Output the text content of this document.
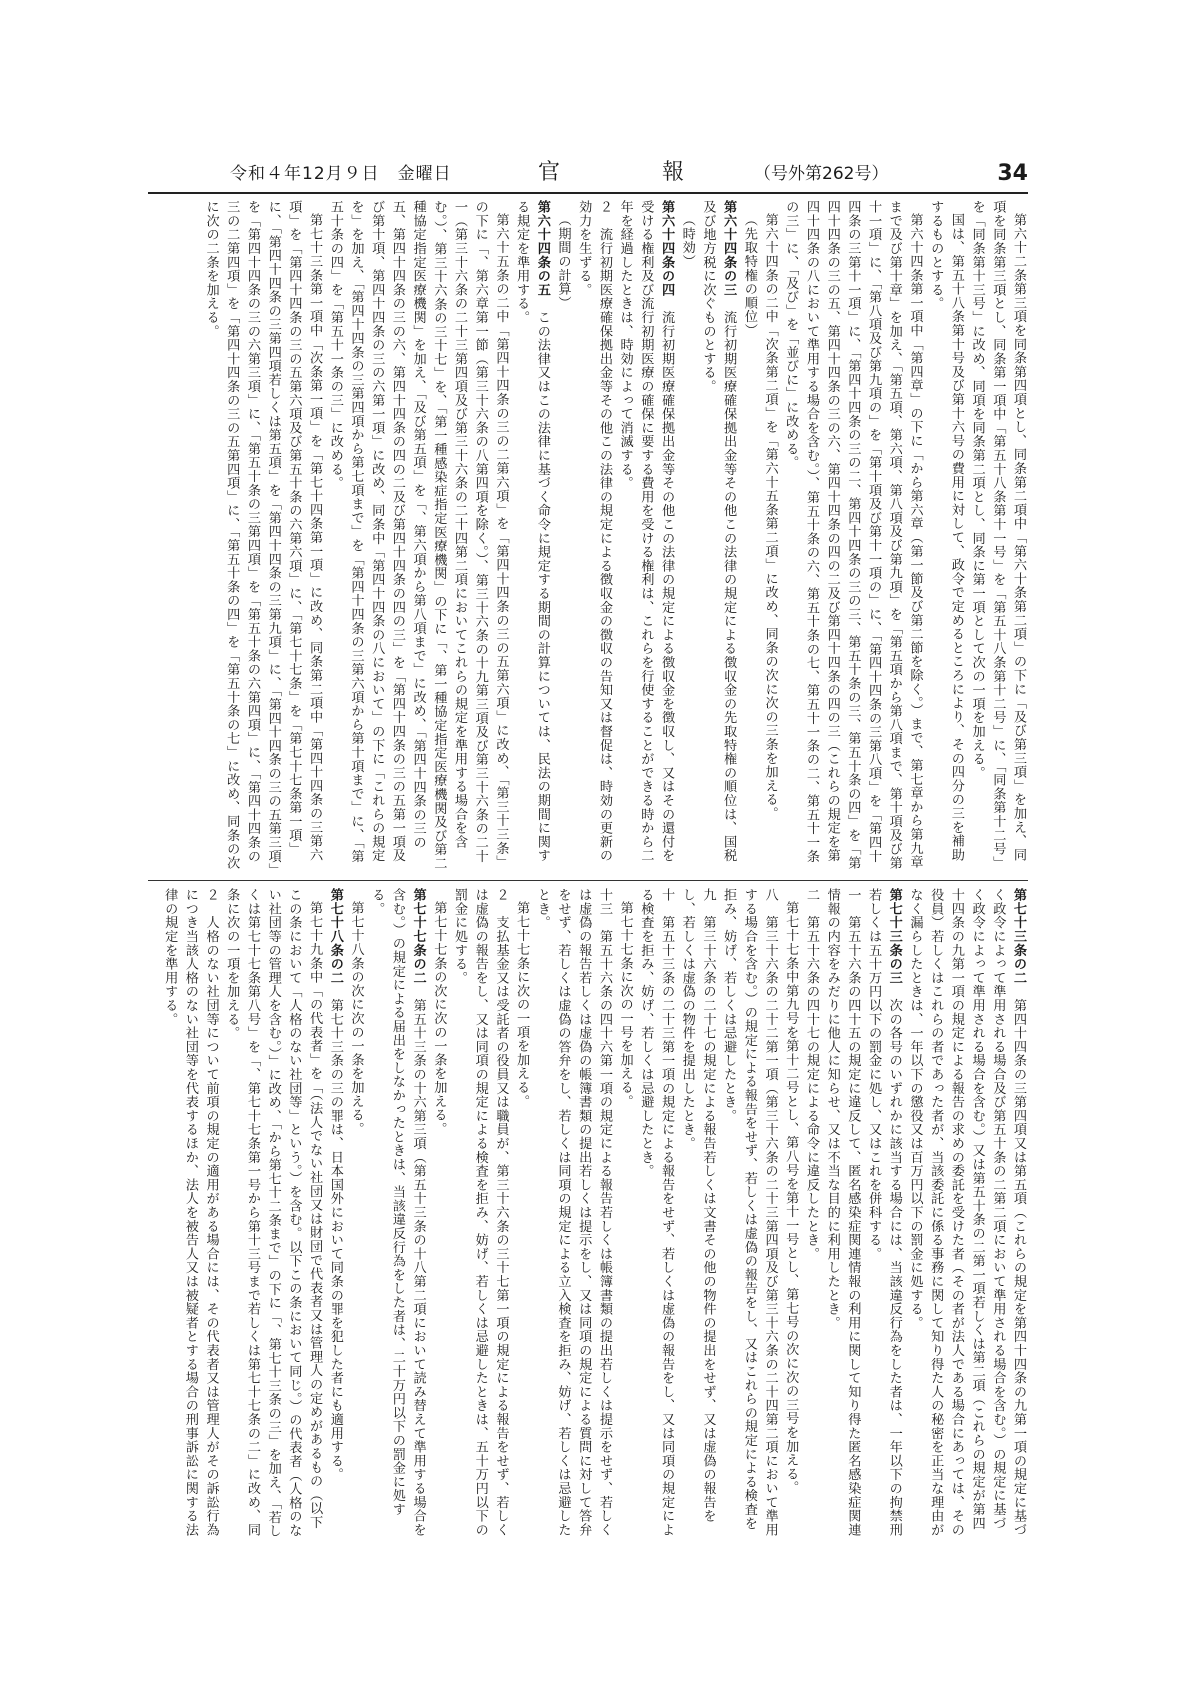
令和４年12月９日　金曜日	官　報 （号外第262号）	34

第六十二条第三項を同条第四項とし、同条第二項中「第六十条第二項」の下に「及び第三項」を加え、同項を同条第三項とし、同条第一項中「第五十八条第十一号」を「第五十八条第十二号」に、「同条第十二号」を「同条第十三号」に改め、同項を同条第二項とし、同条に第一項として次の一項を加える。

国は、第五十八条第十号及び第十六号の費用に対して、政令で定めるところにより、その四分の三を補助するものとする。

第六十四条第一項中「第四章」の下に「から第六章（第一節及び第二節を除く。）まで、第七章から第九章まで及び第十章」を加え、「第五項、第六項、第八項及び第九項」を「第五項から第八項まで、第十項及び第十一項」に、「第八項及び第九項の」を「第十項及び第十一項の」に、「第四十四条の三第八項」を「第四十四条の三第十一項」に、「第四十四条の三の二、第四十四条の三の三、第五十条の三、第五十条の四」を「第四十四条の三の五、第四十四条の三の六、第四十四条の四の二及び第四十四条の四の三（これらの規定を第四十四条の八において準用する場合を含む。）、第五十条の六、第五十条の七、第五十一条の二、第五十一条の三」に、「及び」を「並びに」に改める。

第六十四条の二中「次条第二項」を「第六十五条第二項」に改め、同条の次に次の三条を加える。

（先取特権の順位）

第六十四条の三　流行初期医療確保拠出金等その他この法律の規定による徴収金の先取特権の順位は、国税及び地方税に次ぐものとする。

（時効）

第六十四条の四　流行初期医療確保拠出金等その他この法律の規定による徴収金を徴収し、又はその還付を受ける権利及び流行初期医療の確保に要する費用を受ける権利は、これらを行使することができる時から二年を経過したときは、時効によって消滅する。

２　流行初期医療確保拠出金等その他この法律の規定による徴収金の徴収の告知又は督促は、時効の更新の効力を生ずる。

（期間の計算）

第六十四条の五　この法律又はこの法律に基づく命令に規定する期間の計算については、民法の期間に関する規定を準用する。

第六十五条の二中「第四十四条の三の二第六項」を「第四十四条の三の五第六項」に改め、「第三十三条」の下に「、第六章第一節（第三十六条の八第四項を除く。）、第三十六条の十九第三項及び第三十六条の二十一（第三十六条の二十三第四項及び第三十六条の二十四第二項においてこれらの規定を準用する場合を含む。）、第三十六条の三十七」を、「第一種感染症指定医療機関」の下に「、第一種協定指定医療機関及び第二種協定指定医療機関」を加え、「及び第五項」を「、第六項から第八項まで」に改め、「第四十四条の三の五、第四十四条の三の六、第四十四条の四の二及び第四十四条の四の三」を「第四十四条の三の五第一項及び第十項、第四十四条の三の六第一項」に改め、同条中「第四十四条の八において」の下に「これらの規定を」を加え、「第四十四条の三第四項から第七項まで」を「第四十四条の三第六項から第十項まで」に、「第五十条の四」を「第五十一条の三」に改める。

第七十三条第一項中「次条第一項」を「第七十四条第一項」に改め、同条第二項中「第四十四条の三第六項」を「第四十四条の三の五第六項及び第五十条の六第六項」に、「第七十七条」を「第七十七条第一項」に、「第四十四条の三第四項若しくは第五項」を「第四十四条の三第九項」に、「第四十四条の三の五第三項」を「第四十四条の三の六第三項」に、「第五十条の三第四項」を「第五十条の六第四項」に、「第四十四条の三の二第四項」を「第四十四条の三の五第四項」に、「第五十条の四」を「第五十条の七」に改め、同条の次に次の二条を加える。

第七十三条の二　第四十四条の三第四項又は第五項（これらの規定を第四十四条の九第一項の規定に基づく政令によって準用される場合及び第五十条の二第二項において準用される場合を含む。）の規定に基づく政令によって準用される場合を含む。）又は第五十条の二第一項若しくは第二項（これらの規定が第四十四条の九第一項の規定による報告の求めの委託を受けた者（その者が法人である場合にあっては、その役員）若しくはこれらの者であった者が、当該委託に係る事務に関して知り得た人の秘密を正当な理由がなく漏らしたときは、一年以下の懲役又は百万円以下の罰金に処する。

第七十三条の三　次の各号のいずれかに該当する場合には、当該違反行為をした者は、一年以下の拘禁刑若しくは五十万円以下の罰金に処し、又はこれを併科する。

一　第五十六条の四十五の規定に違反して、匿名感染症関連情報の利用に関して知り得た匿名感染症関連情報の内容をみだりに他人に知らせ、又は不当な目的に利用したとき。

二　第五十六条の四十七の規定による命令に違反したとき。

第七十七条中第九号を第十二号とし、第八号を第十一号とし、第七号の次に次の三号を加える。

八　第三十六条の二十二第一項（第三十六条の二十三第四項及び第三十六条の二十四第二項において準用する場合を含む。）の規定による報告をせず、若しくは虚偽の報告をし、又はこれらの規定による検査を拒み、妨げ、若しくは忌避したとき。

九　第三十六条の二十七の規定による報告若しくは文書その他の物件の提出をせず、又は虚偽の報告をし、若しくは虚偽の物件を提出したとき。

十　第五十三条の二十三第一項の規定による報告をせず、若しくは虚偽の報告をし、又は同項の規定による検査を拒み、妨げ、若しくは忌避したとき。

第七十七条に次の一号を加える。

十三　第五十六条の四十六第一項の規定による報告若しくは帳簿書類の提出若しくは提示をせず、若しくは虚偽の報告若しくは虚偽の帳簿書類の提出若しくは提示をし、又は同項の規定による質問に対して答弁をせず、若しくは虚偽の答弁をし、若しくは同項の規定による立入検査を拒み、妨げ、若しくは忌避したとき。

第七十七条に次の一項を加える。

２　支払基金又は受託者の役員又は職員が、第三十六条の三十七第一項の規定による報告をせず、若しくは虚偽の報告をし、又は同項の規定による検査を拒み、妨げ、若しくは忌避したときは、五十万円以下の罰金に処する。

第七十七条の次に次の一条を加える。

第七十七条の二　第五十三条の十六第三項（第五十三条の十八第二項において読み替えて準用する場合を含む。）の規定による届出をしなかったときは、当該違反行為をした者は、二十万円以下の罰金に処する。

第七十八条の次に次の一条を加える。

第七十八条の二　第七十三条の三の罪は、日本国外において同条の罪を犯した者にも適用する。

第七十九条中「の代表者」を「（法人でない社団又は財団で代表者又は管理人の定めがあるもの（以下この条において「人格のない社団等」という。）を含む。以下この条において同じ。）の代表者（人格のない社団等の管理人を含む。）」に改め、「から第七十二条まで」の下に「、第七十三条の三」を加え、「若しくは第七十七条第八号」を「、第七十七条第一号から第十三号まで若しくは第七十七条の二」に改め、同条に次の一項を加える。

２　人格のない社団等について前項の規定の適用がある場合には、その代表者又は管理人がその訴訟行為につき当該人格のない社団等を代表するほか、法人を被告人又は被疑者とする場合の刑事訴訟に関する法律の規定を準用する。
